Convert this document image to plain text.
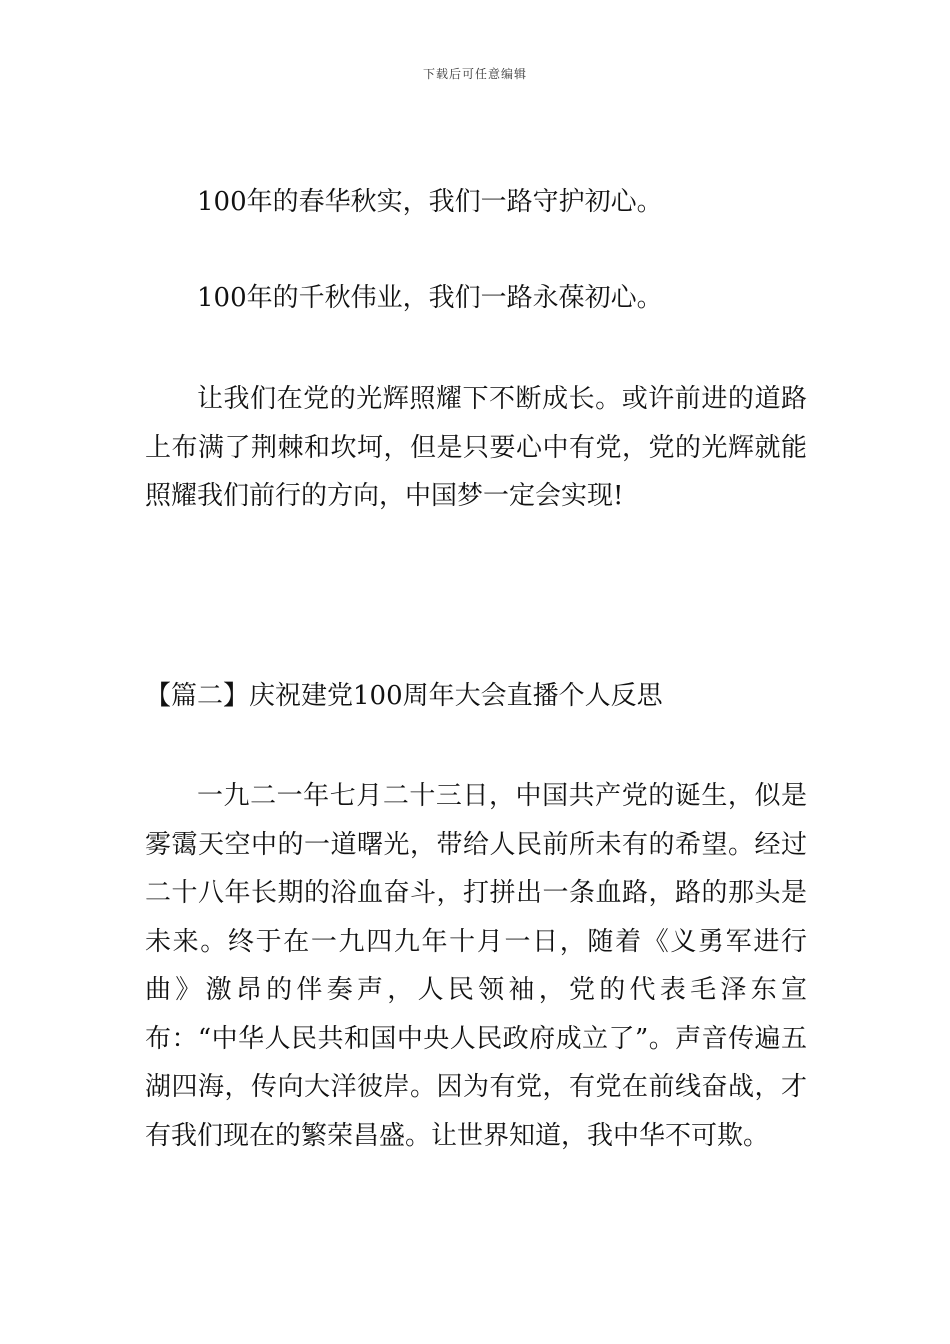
下载后可任意编辑

100年的春华秋实，我们一路守护初心。

100年的千秋伟业，我们一路永葆初心。

让我们在党的光辉照耀下不断成长。或许前进的道路上布满了荆棘和坎坷，但是只要心中有党，党的光辉就能照耀我们前行的方向，中国梦一定会实现!

【篇二】庆祝建党100周年大会直播个人反思

一九二一年七月二十三日，中国共产党的诞生，似是雾霭天空中的一道曙光，带给人民前所未有的希望。经过二十八年长期的浴血奋斗，打拼出一条血路，路的那头是未来。终于在一九四九年十月一日，随着《义勇军进行曲》激昂的伴奏声，人民领袖，党的代表毛泽东宣布：“中华人民共和国中央人民政府成立了”。声音传遍五湖四海，传向大洋彼岸。因为有党，有党在前线奋战，才有我们现在的繁荣昌盛。让世界知道，我中华不可欺。
